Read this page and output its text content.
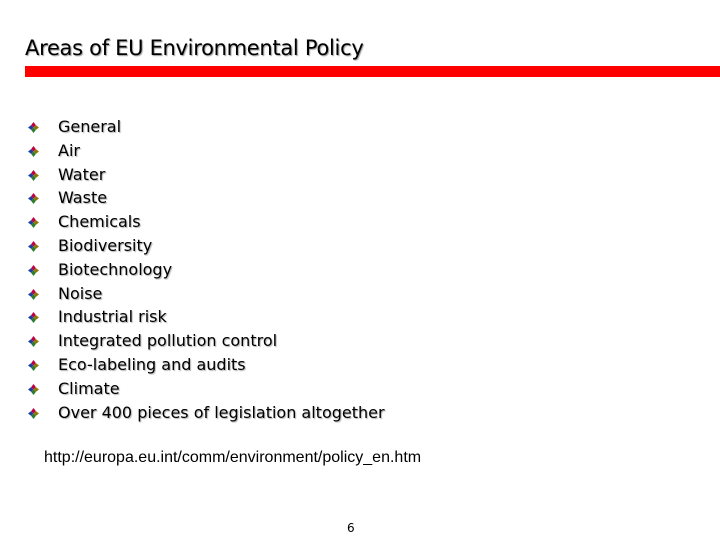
Areas of EU Environmental Policy
General
Air
Water
Waste
Chemicals
Biodiversity
Biotechnology
Noise
Industrial risk
Integrated pollution control
Eco-labeling and audits
Climate
Over 400 pieces of legislation altogether
http://europa.eu.int/comm/environment/policy_en.htm
6
